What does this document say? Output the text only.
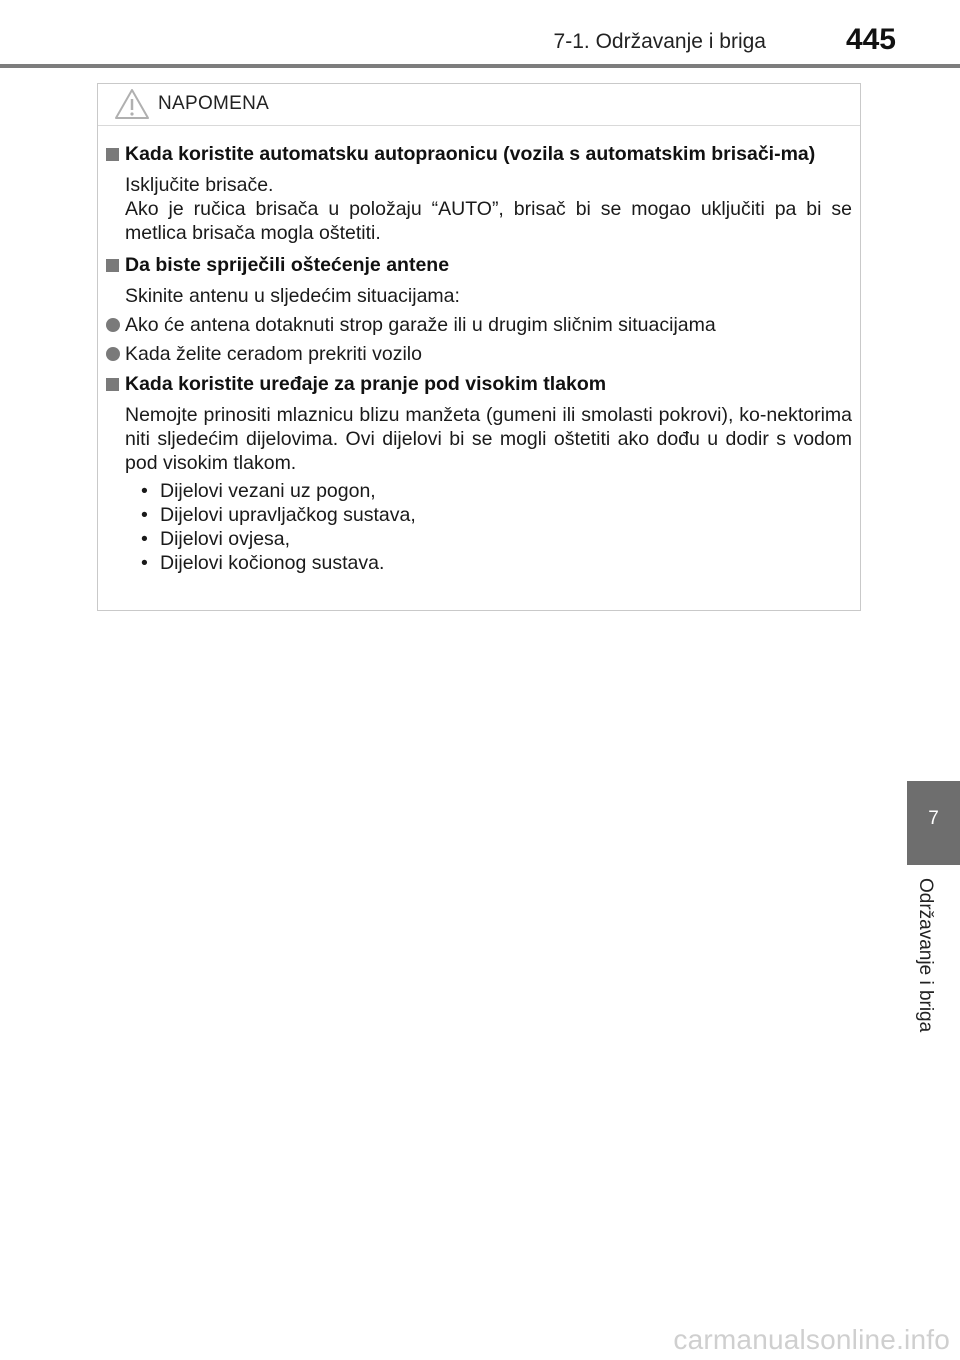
7-1. Održavanje i briga	445
NAPOMENA
Kada koristite automatsku autopraonicu (vozila s automatskim brisači-ma)
Isključite brisače.
Ako je ručica brisača u položaju “AUTO”, brisač bi se mogao uključiti pa bi se metlica brisača mogla oštetiti.
Da biste spriječili oštećenje antene
Skinite antenu u sljedećim situacijama:
Ako će antena dotaknuti strop garaže ili u drugim sličnim situacijama
Kada želite ceradom prekriti vozilo
Kada koristite uređaje za pranje pod visokim tlakom
Nemojte prinositi mlaznicu blizu manžeta (gumeni ili smolasti pokrovi), ko-nektorima niti sljedećim dijelovima. Ovi dijelovi bi se mogli oštetiti ako dođu u dodir s vodom pod visokim tlakom.
• Dijelovi vezani uz pogon,
• Dijelovi upravljačkog sustava,
• Dijelovi ovjesa,
• Dijelovi kočionog sustava.
7
Održavanje i briga
carmanualsonline.info
